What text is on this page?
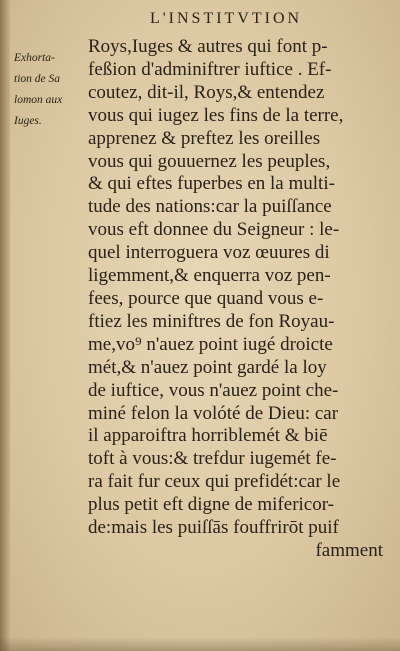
L'INSTITVTION
Exhorta-
tion de Sa
lomon aux
Iuges.
Roys,Iuges & autres qui font p-
feßion d'adminiftrer iuftice . Ef-
coutez, dit-il, Roys,& entendez
vous qui iugez les fins de la terre,
apprenez & preftez les oreilles
vous qui gouuernez les peuples,
& qui eftes fuperbes en la multi-
tude des nations:car la puiſſance
vous eft donnee du Seigneur : le-
quel interroguera voz œuures di
ligemment,& enquerra voz pen-
fees, pource que quand vous e-
ftiez les miniftres de fon Royau-
me,vo⁹ n'auez point iugé droicte
mét,& n'auez point gardé la loy
de iuftice, vous n'auez point che-
miné felon la volóté de Dieu: car
il apparoiftra horriblemét & biē
toft à vous:& trefdur iugemét fe-
ra fait fur ceux qui prefidét:car le
plus petit eft digne de mifericor-
de:mais les puiſſās fouffrirōt puif
famment
